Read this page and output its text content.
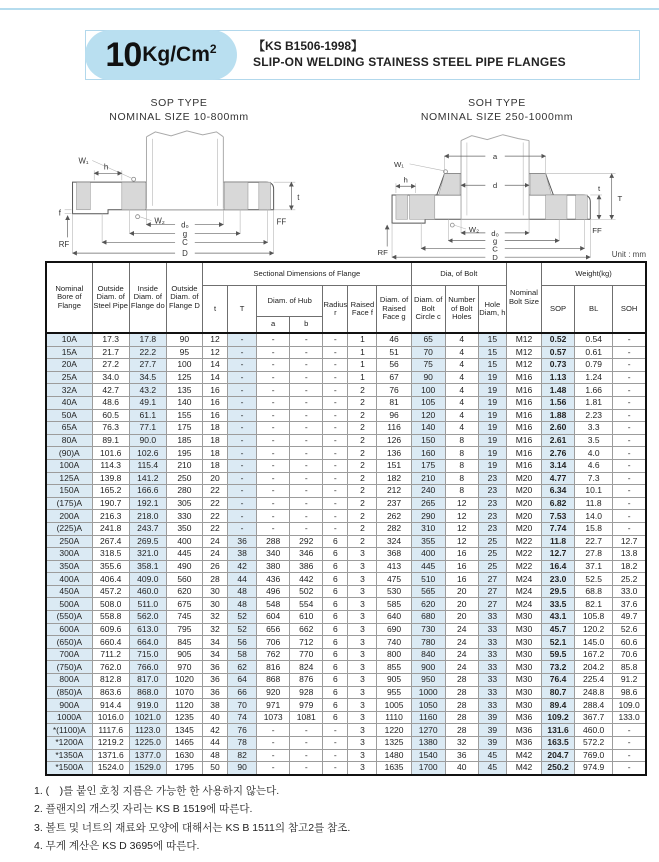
10 Kg/Cm$^2$	【KS B1506-1998】
SLIP-ON WELDING STAINESS STEEL PIPE FLANGES
SOP TYPE
NOMINAL SIZE 10-800mm
W₁
W₂
h
f
RF
t
FF
d₀
g
C
D
SOH TYPE
NOMINAL SIZE 250-1000mm
W₁
W₂
h
a
d
RF
FF
t
T
d₀
g
C
D	Unit : mm
Nominal Bore of Flange	Outside Diam. of Steel Pipe	Inside Diam. of Flange do	Outside Diam. of Flange D	Sectional Dimensions of Flange							Dia, of Bolt			Nominal Bolt Size	Weight(kg)		
				t	T	Diam. of Hub		Radius r	Raised Face f	Diam. of Raised Face g	Diam. of Bolt Circle c	Number of Bolt Holes	Hole Diam, h		SOP	BL	SOH
						a	b										
10A	17.3	17.8	90	12	-	-	-	-	1	46	65	4	15	M12	0.52	0.54	-
15A	21.7	22.2	95	12	-	-	-	-	1	51	70	4	15	M12	0.57	0.61	-
20A	27.2	27.7	100	14	-	-	-	-	1	56	75	4	15	M12	0.73	0.79	-
25A	34.0	34.5	125	14	-	-	-	-	1	67	90	4	19	M16	1.13	1.24	-
32A	42.7	43.2	135	16	-	-	-	-	2	76	100	4	19	M16	1.48	1.66	-
40A	48.6	49.1	140	16	-	-	-	-	2	81	105	4	19	M16	1.56	1.81	-
50A	60.5	61.1	155	16	-	-	-	-	2	96	120	4	19	M16	1.88	2.23	-
65A	76.3	77.1	175	18	-	-	-	-	2	116	140	4	19	M16	2.60	3.3	-
80A	89.1	90.0	185	18	-	-	-	-	2	126	150	8	19	M16	2.61	3.5	-
(90)A	101.6	102.6	195	18	-	-	-	-	2	136	160	8	19	M16	2.76	4.0	-
100A	114.3	115.4	210	18	-	-	-	-	2	151	175	8	19	M16	3.14	4.6	-
125A	139.8	141.2	250	20	-	-	-	-	2	182	210	8	23	M20	4.77	7.3	-
150A	165.2	166.6	280	22	-	-	-	-	2	212	240	8	23	M20	6.34	10.1	-
(175)A	190.7	192.1	305	22	-	-	-	-	2	237	265	12	23	M20	6.82	11.8	-
200A	216.3	218.0	330	22	-	-	-	-	2	262	290	12	23	M20	7.53	14.0	-
(225)A	241.8	243.7	350	22	-	-	-	-	2	282	310	12	23	M20	7.74	15.8	-
250A	267.4	269.5	400	24	36	288	292	6	2	324	355	12	25	M22	11.8	22.7	12.7
300A	318.5	321.0	445	24	38	340	346	6	3	368	400	16	25	M22	12.7	27.8	13.8
350A	355.6	358.1	490	26	42	380	386	6	3	413	445	16	25	M22	16.4	37.1	18.2
400A	406.4	409.0	560	28	44	436	442	6	3	475	510	16	27	M24	23.0	52.5	25.2
450A	457.2	460.0	620	30	48	496	502	6	3	530	565	20	27	M24	29.5	68.8	33.0
500A	508.0	511.0	675	30	48	548	554	6	3	585	620	20	27	M24	33.5	82.1	37.6
(550)A	558.8	562.0	745	32	52	604	610	6	3	640	680	20	33	M30	43.1	105.8	49.7
600A	609.6	613.0	795	32	52	656	662	6	3	690	730	24	33	M30	45.7	120.2	52.6
(650)A	660.4	664.0	845	34	56	706	712	6	3	740	780	24	33	M30	52.1	145.0	60.6
700A	711.2	715.0	905	34	58	762	770	6	3	800	840	24	33	M30	59.5	167.2	70.6
(750)A	762.0	766.0	970	36	62	816	824	6	3	855	900	24	33	M30	73.2	204.2	85.8
800A	812.8	817.0	1020	36	64	868	876	6	3	905	950	28	33	M30	76.4	225.4	91.2
(850)A	863.6	868.0	1070	36	66	920	928	6	3	955	1000	28	33	M30	80.7	248.8	98.6
900A	914.4	919.0	1120	38	70	971	979	6	3	1005	1050	28	33	M30	89.4	288.4	109.0
1000A	1016.0	1021.0	1235	40	74	1073	1081	6	3	1110	1160	28	39	M36	109.2	367.7	133.0
*(1100)A	1117.6	1123.0	1345	42	76	-	-	-	3	1220	1270	28	39	M36	131.6	460.0	-
*1200A	1219.2	1225.0	1465	44	78	-	-	-	3	1325	1380	32	39	M36	163.5	572.2	-
*1350A	1371.6	1377.0	1630	48	82	-	-	-	3	1480	1540	36	45	M42	204.7	769.0	-
*1500A	1524.0	1529.0	1795	50	90	-	-	-	3	1635	1700	40	45	M42	250.2	974.9	-
1. (　)를 붙인 호칭 지름은 가능한 한 사용하지 않는다.
2. 플랜지의 개스킷 자리는 KS B 1519에 따른다.
3. 볼트 및 너트의 재료와 모양에 대해서는 KS B 1511의 참고2를 참조.
4. 무게 계산은 KS D 3695에 따른다.
